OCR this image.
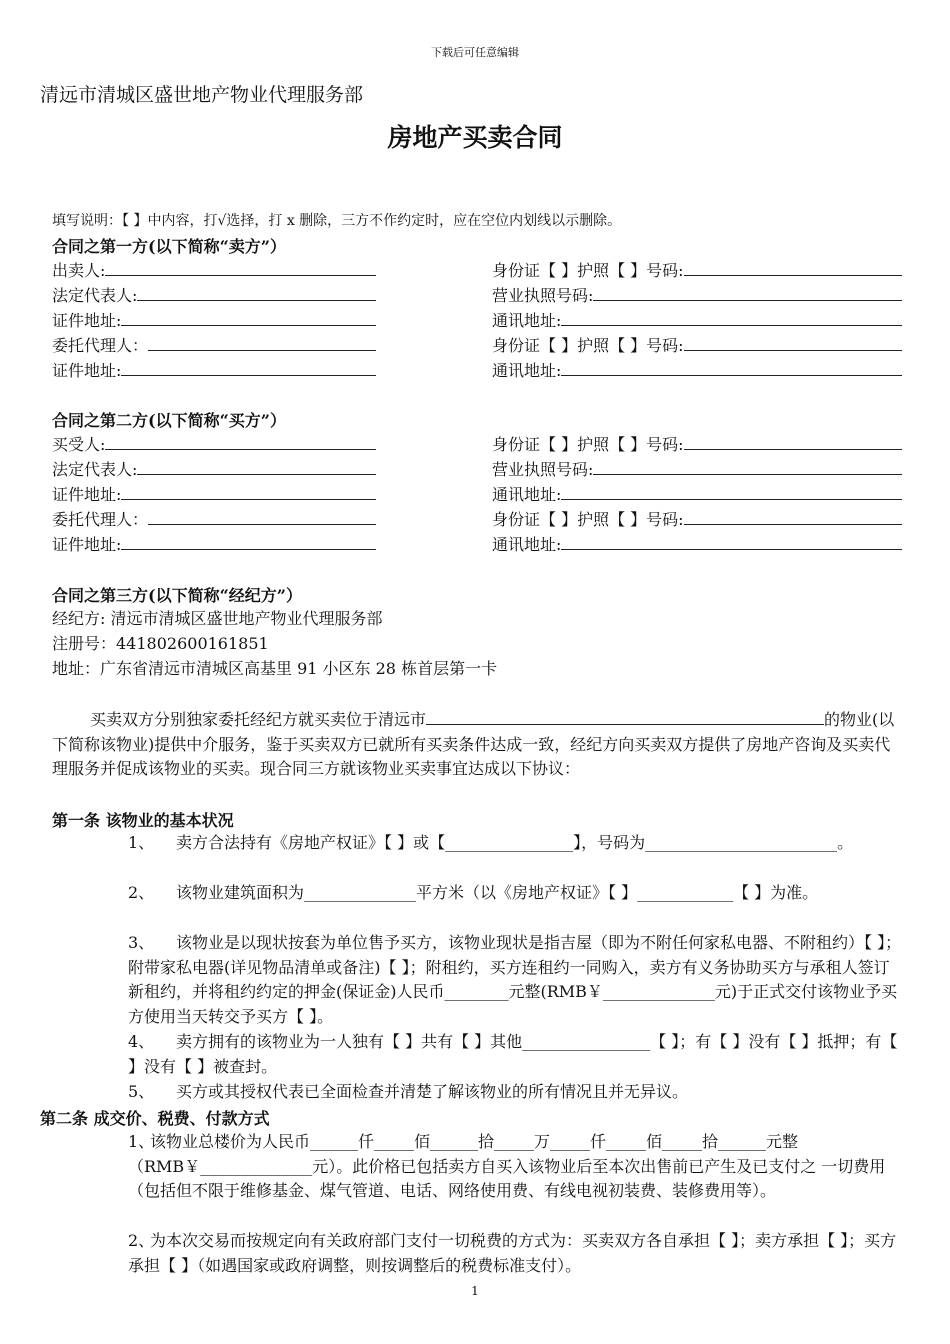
下载后可任意编辑
清远市清城区盛世地产物业代理服务部
房地产买卖合同
填写说明：【 】中内容，打√选择，打 x 删除，三方不作约定时，应在空位内划线以示删除。
合同之第一方(以下简称“卖方”）
出卖人:	身份证【 】护照【 】号码:
法定代表人:	营业执照号码:
证件地址:	通讯地址:
委托代理人：	身份证【 】护照【 】号码:
证件地址:	通讯地址:
合同之第二方(以下简称“买方”）
买受人:	身份证【 】护照【 】号码:
法定代表人:	营业执照号码:
证件地址:	通讯地址:
委托代理人：	身份证【 】护照【 】号码:
证件地址:	通讯地址:
合同之第三方(以下简称“经纪方”）
经纪方: 清远市清城区盛世地产物业代理服务部
注册号：441802600161851
地址：广东省清远市清城区高基里 91 小区东 28 栋首层第一卡
买卖双方分别独家委托经纪方就买卖位于清远市	的物业(以下简称该物业)提供中介服务，鉴于买卖双方已就所有买卖条件达成一致，经纪方向买卖双方提供了房地产咨询及买卖代理服务并促成该物业的买卖。现合同三方就该物业买卖事宜达成以下协议：
第一条 该物业的基本状况
1、	卖方合法持有《房地产权证》【 】或【________________】，号码为________________________。
2、	该物业建筑面积为______________平方米（以《房地产权证》【 】____________【 】为准。
3、	该物业是以现状按套为单位售予买方，该物业现状是指吉屋（即为不附任何家私电器、不附租约）【 】；附带家私电器(详见物品清单或备注)【 】；附租约，买方连租约一同购入，卖方有义务协助买方与承租人签订新租约，并将租约约定的押金(保证金)人民币________元整(RMB￥______________元)于正式交付该物业予买方使用当天转交予买方【 】。
4、	卖方拥有的该物业为一人独有【 】共有【 】其他________________【 】；有【 】没有【 】抵押；有【 】没有【 】被查封。
5、	买方或其授权代表已全面检查并清楚了解该物业的所有情况且并无异议。
第二条 成交价、税费、付款方式
1、
该物业总楼价为人民币______仟_____佰______拾_____万_____仟_____佰_____拾______元整（RMB￥______________元）。此价格已包括卖方自买入该物业后至本次出售前已产生及已支付之 一切费用（包括但不限于维修基金、煤气管道、电话、网络使用费、有线电视初装费、装修费用等）。
2、
为本次交易而按规定向有关政府部门支付一切税费的方式为：买卖双方各自承担【 】；卖方承担【 】；买方承担【 】（如遇国家或政府调整，则按调整后的税费标准支付）。
1
